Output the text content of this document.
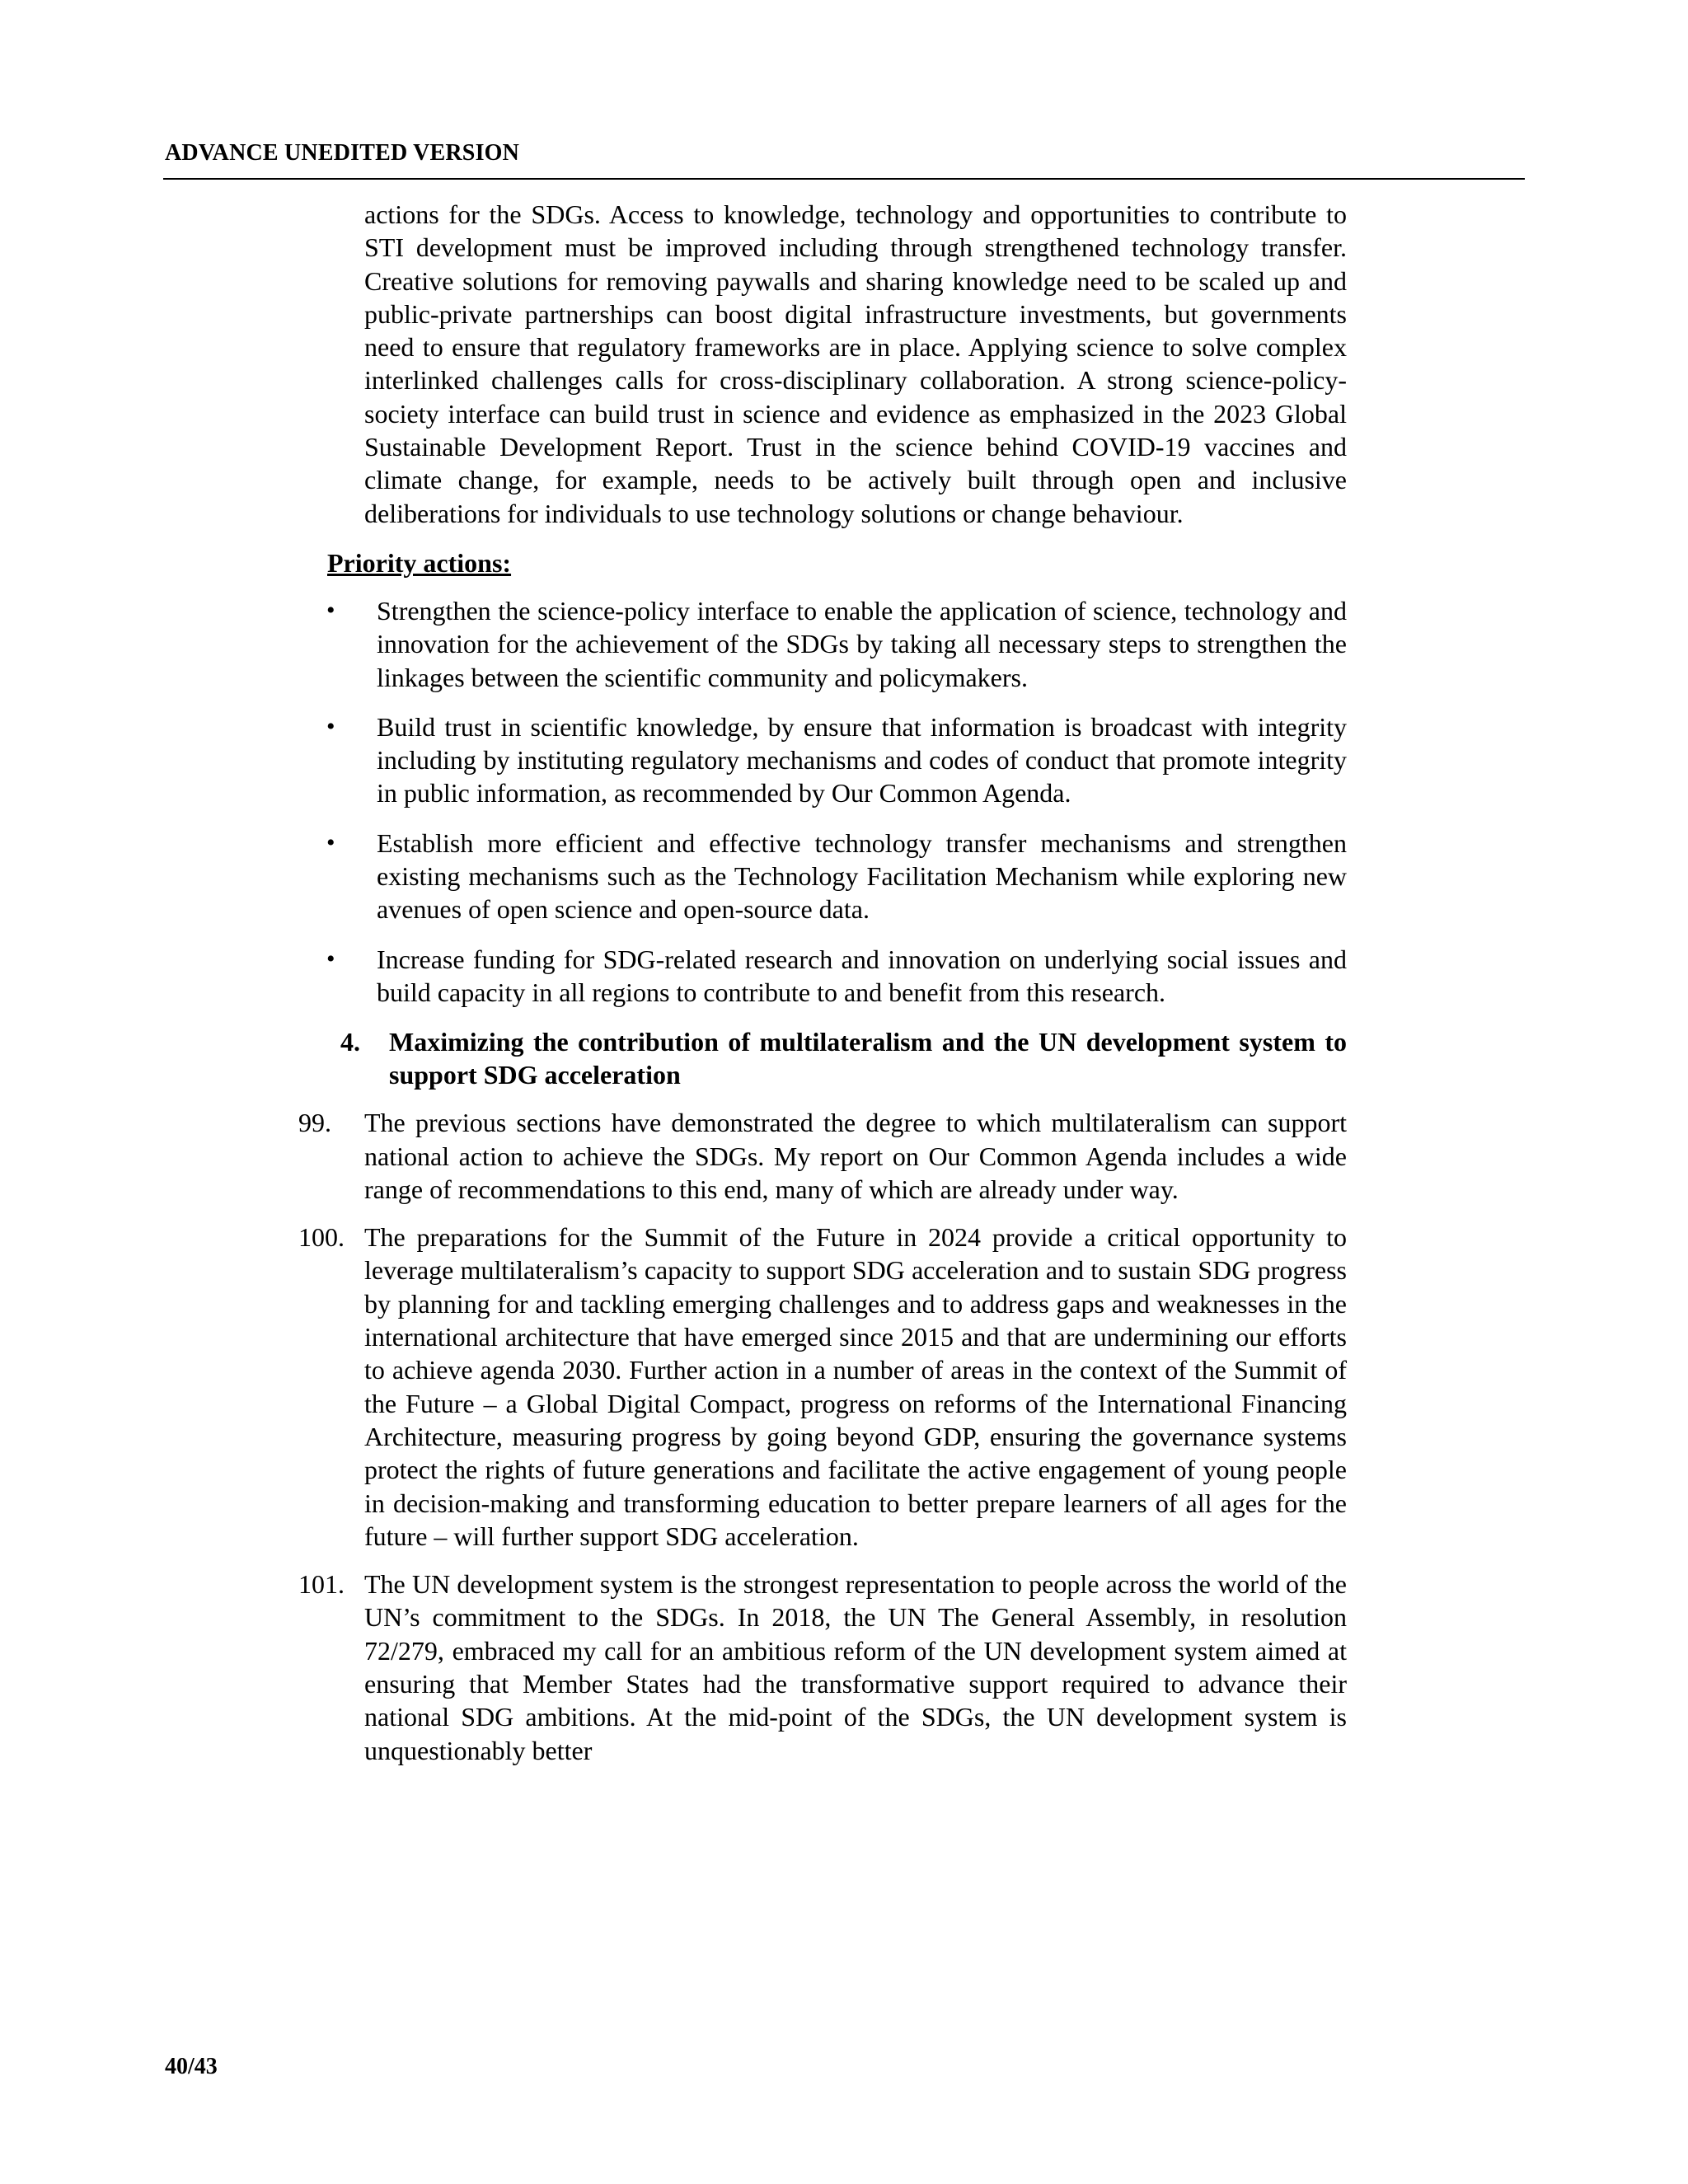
ADVANCE UNEDITED VERSION

actions for the SDGs. Access to knowledge, technology and opportunities to contribute to STI development must be improved including through strengthened technology transfer. Creative solutions for removing paywalls and sharing knowledge need to be scaled up and public-private partnerships can boost digital infrastructure investments, but governments need to ensure that regulatory frameworks are in place. Applying science to solve complex interlinked challenges calls for cross-disciplinary collaboration. A strong science-policy-society interface can build trust in science and evidence as emphasized in the 2023 Global Sustainable Development Report. Trust in the science behind COVID-19 vaccines and climate change, for example, needs to be actively built through open and inclusive deliberations for individuals to use technology solutions or change behaviour.

Priority actions:
• Strengthen the science-policy interface to enable the application of science, technology and innovation for the achievement of the SDGs by taking all necessary steps to strengthen the linkages between the scientific community and policymakers.

• Build trust in scientific knowledge, by ensure that information is broadcast with integrity including by instituting regulatory mechanisms and codes of conduct that promote integrity in public information, as recommended by Our Common Agenda.

• Establish more efficient and effective technology transfer mechanisms and strengthen existing mechanisms such as the Technology Facilitation Mechanism while exploring new avenues of open science and open-source data.

• Increase funding for SDG-related research and innovation on underlying social issues and build capacity in all regions to contribute to and benefit from this research.

4. Maximizing the contribution of multilateralism and the UN development system to support SDG acceleration
99. The previous sections have demonstrated the degree to which multilateralism can support national action to achieve the SDGs. My report on Our Common Agenda includes a wide range of recommendations to this end, many of which are already under way.

100. The preparations for the Summit of the Future in 2024 provide a critical opportunity to leverage multilateralism’s capacity to support SDG acceleration and to sustain SDG progress by planning for and tackling emerging challenges and to address gaps and weaknesses in the international architecture that have emerged since 2015 and that are undermining our efforts to achieve agenda 2030. Further action in a number of areas in the context of the Summit of the Future – a Global Digital Compact, progress on reforms of the International Financing Architecture, measuring progress by going beyond GDP, ensuring the governance systems protect the rights of future generations and facilitate the active engagement of young people in decision-making and transforming education to better prepare learners of all ages for the future – will further support SDG acceleration.

101. The UN development system is the strongest representation to people across the world of the UN’s commitment to the SDGs. In 2018, the UN The General Assembly, in resolution 72/279, embraced my call for an ambitious reform of the UN development system aimed at ensuring that Member States had the transformative support required to advance their national SDG ambitions. At the mid-point of the SDGs, the UN development system is unquestionably better

40/43
